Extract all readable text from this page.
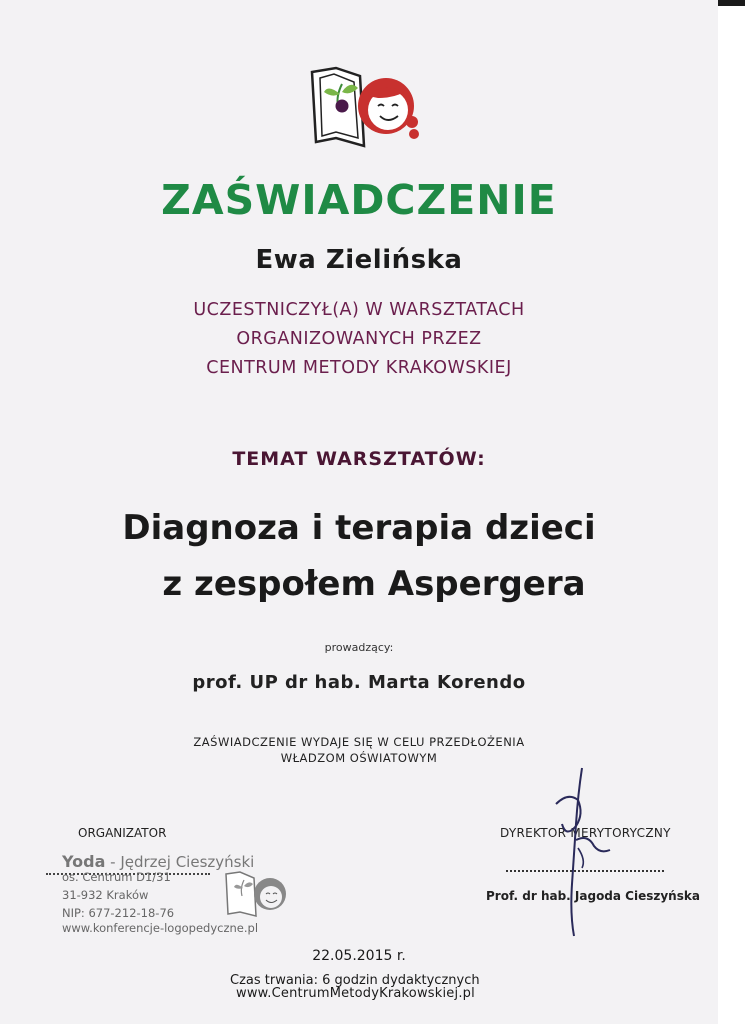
ZAŚWIADCZENIE
Ewa Zielińska
UCZESTNICZYŁ(A) W WARSZTATACH
ORGANIZOWANYCH PRZEZ
CENTRUM METODY KRAKOWSKIEJ
TEMAT WARSZTATÓW:
Diagnoza i terapia dzieci
z zespołem Aspergera
prowadzący:
prof. UP dr hab. Marta Korendo
ZAŚWIADCZENIE WYDAJE SIĘ W CELU PRZEDŁOŻENIA
WŁADZOM OŚWIATOWYM
ORGANIZATOR
Yoda - Jędrzej Cieszyński
os. Centrum D1/31
31-932 Kraków
NIP: 677-212-18-76
www.konferencje-logopedyczne.pl
DYREKTOR MERYTORYCZNY
Prof. dr hab. Jagoda Cieszyńska
22.05.2015 r.
Czas trwania: 6 godzin dydaktycznych
www.CentrumMetodyKrakowskiej.pl
